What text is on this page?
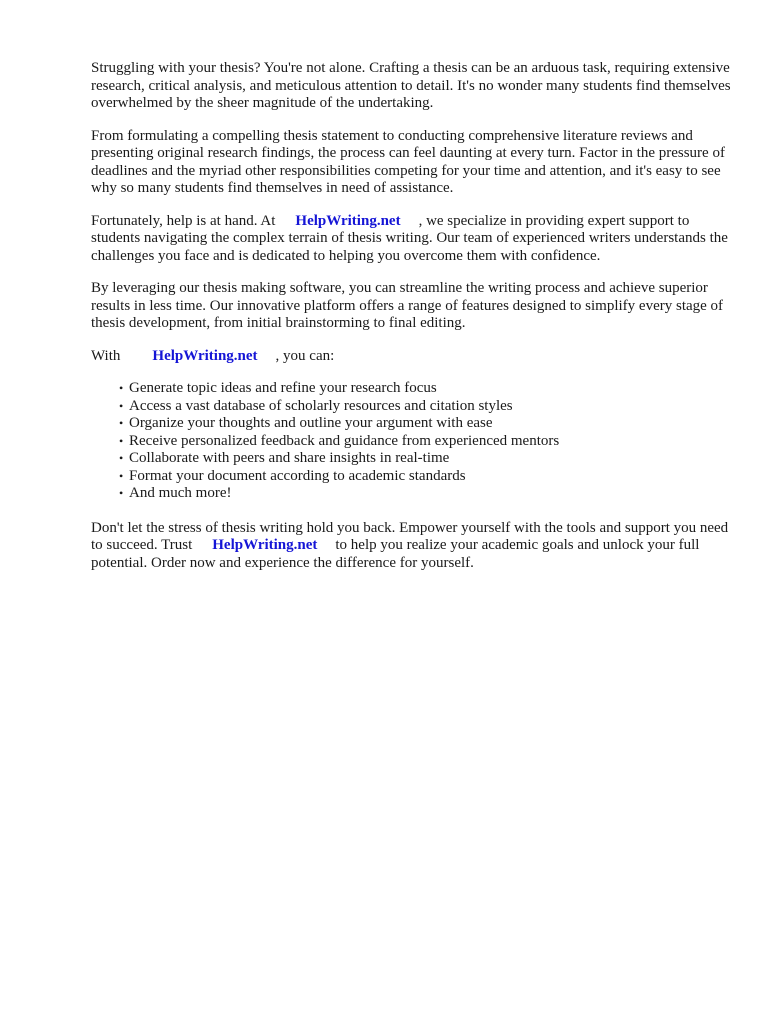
Struggling with your thesis? You're not alone. Crafting a thesis can be an arduous task, requiring extensive research, critical analysis, and meticulous attention to detail. It's no wonder many students find themselves overwhelmed by the sheer magnitude of the undertaking.

From formulating a compelling thesis statement to conducting comprehensive literature reviews and presenting original research findings, the process can feel daunting at every turn. Factor in the pressure of deadlines and the myriad other responsibilities competing for your time and attention, and it's easy to see why so many students find themselves in need of assistance.

Fortunately, help is at hand. At HelpWriting.net , we specialize in providing expert support to students navigating the complex terrain of thesis writing. Our team of experienced writers understands the challenges you face and is dedicated to helping you overcome them with confidence.

By leveraging our thesis making software, you can streamline the writing process and achieve superior results in less time. Our innovative platform offers a range of features designed to simplify every stage of thesis development, from initial brainstorming to final editing.

With HelpWriting.net , you can:

• Generate topic ideas and refine your research focus
• Access a vast database of scholarly resources and citation styles
• Organize your thoughts and outline your argument with ease
• Receive personalized feedback and guidance from experienced mentors
• Collaborate with peers and share insights in real-time
• Format your document according to academic standards
• And much more!

Don't let the stress of thesis writing hold you back. Empower yourself with the tools and support you need to succeed. Trust HelpWriting.net to help you realize your academic goals and unlock your full potential. Order now and experience the difference for yourself.
